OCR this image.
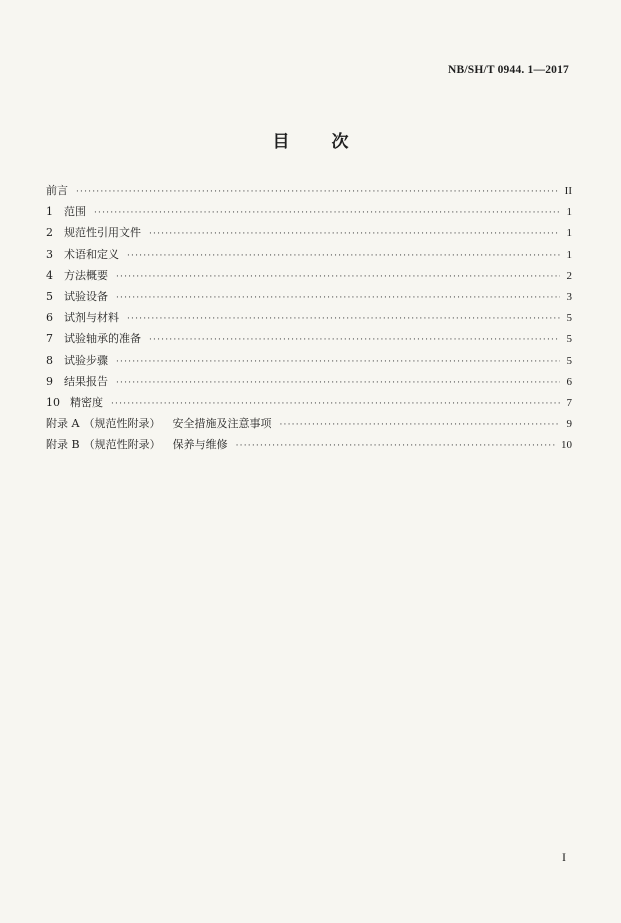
NB/SH/T 0944. 1—2017
目 次
前言 ·····	II
1	范围 ·····	1
2	规范性引用文件 ·····	1
3	术语和定义 ·····	1
4	方法概要 ·····	2
5	试验设备 ·····	3
6	试剂与材料 ·····	5
7	试验轴承的准备 ·····	5
8	试验步骤 ·····	5
9	结果报告 ·····	6
10 精密度 ·····	7
附录 A （规范性附录）	安全措施及注意事项 ·····	9
附录 B （规范性附录）	保养与维修 ·····	10
I
